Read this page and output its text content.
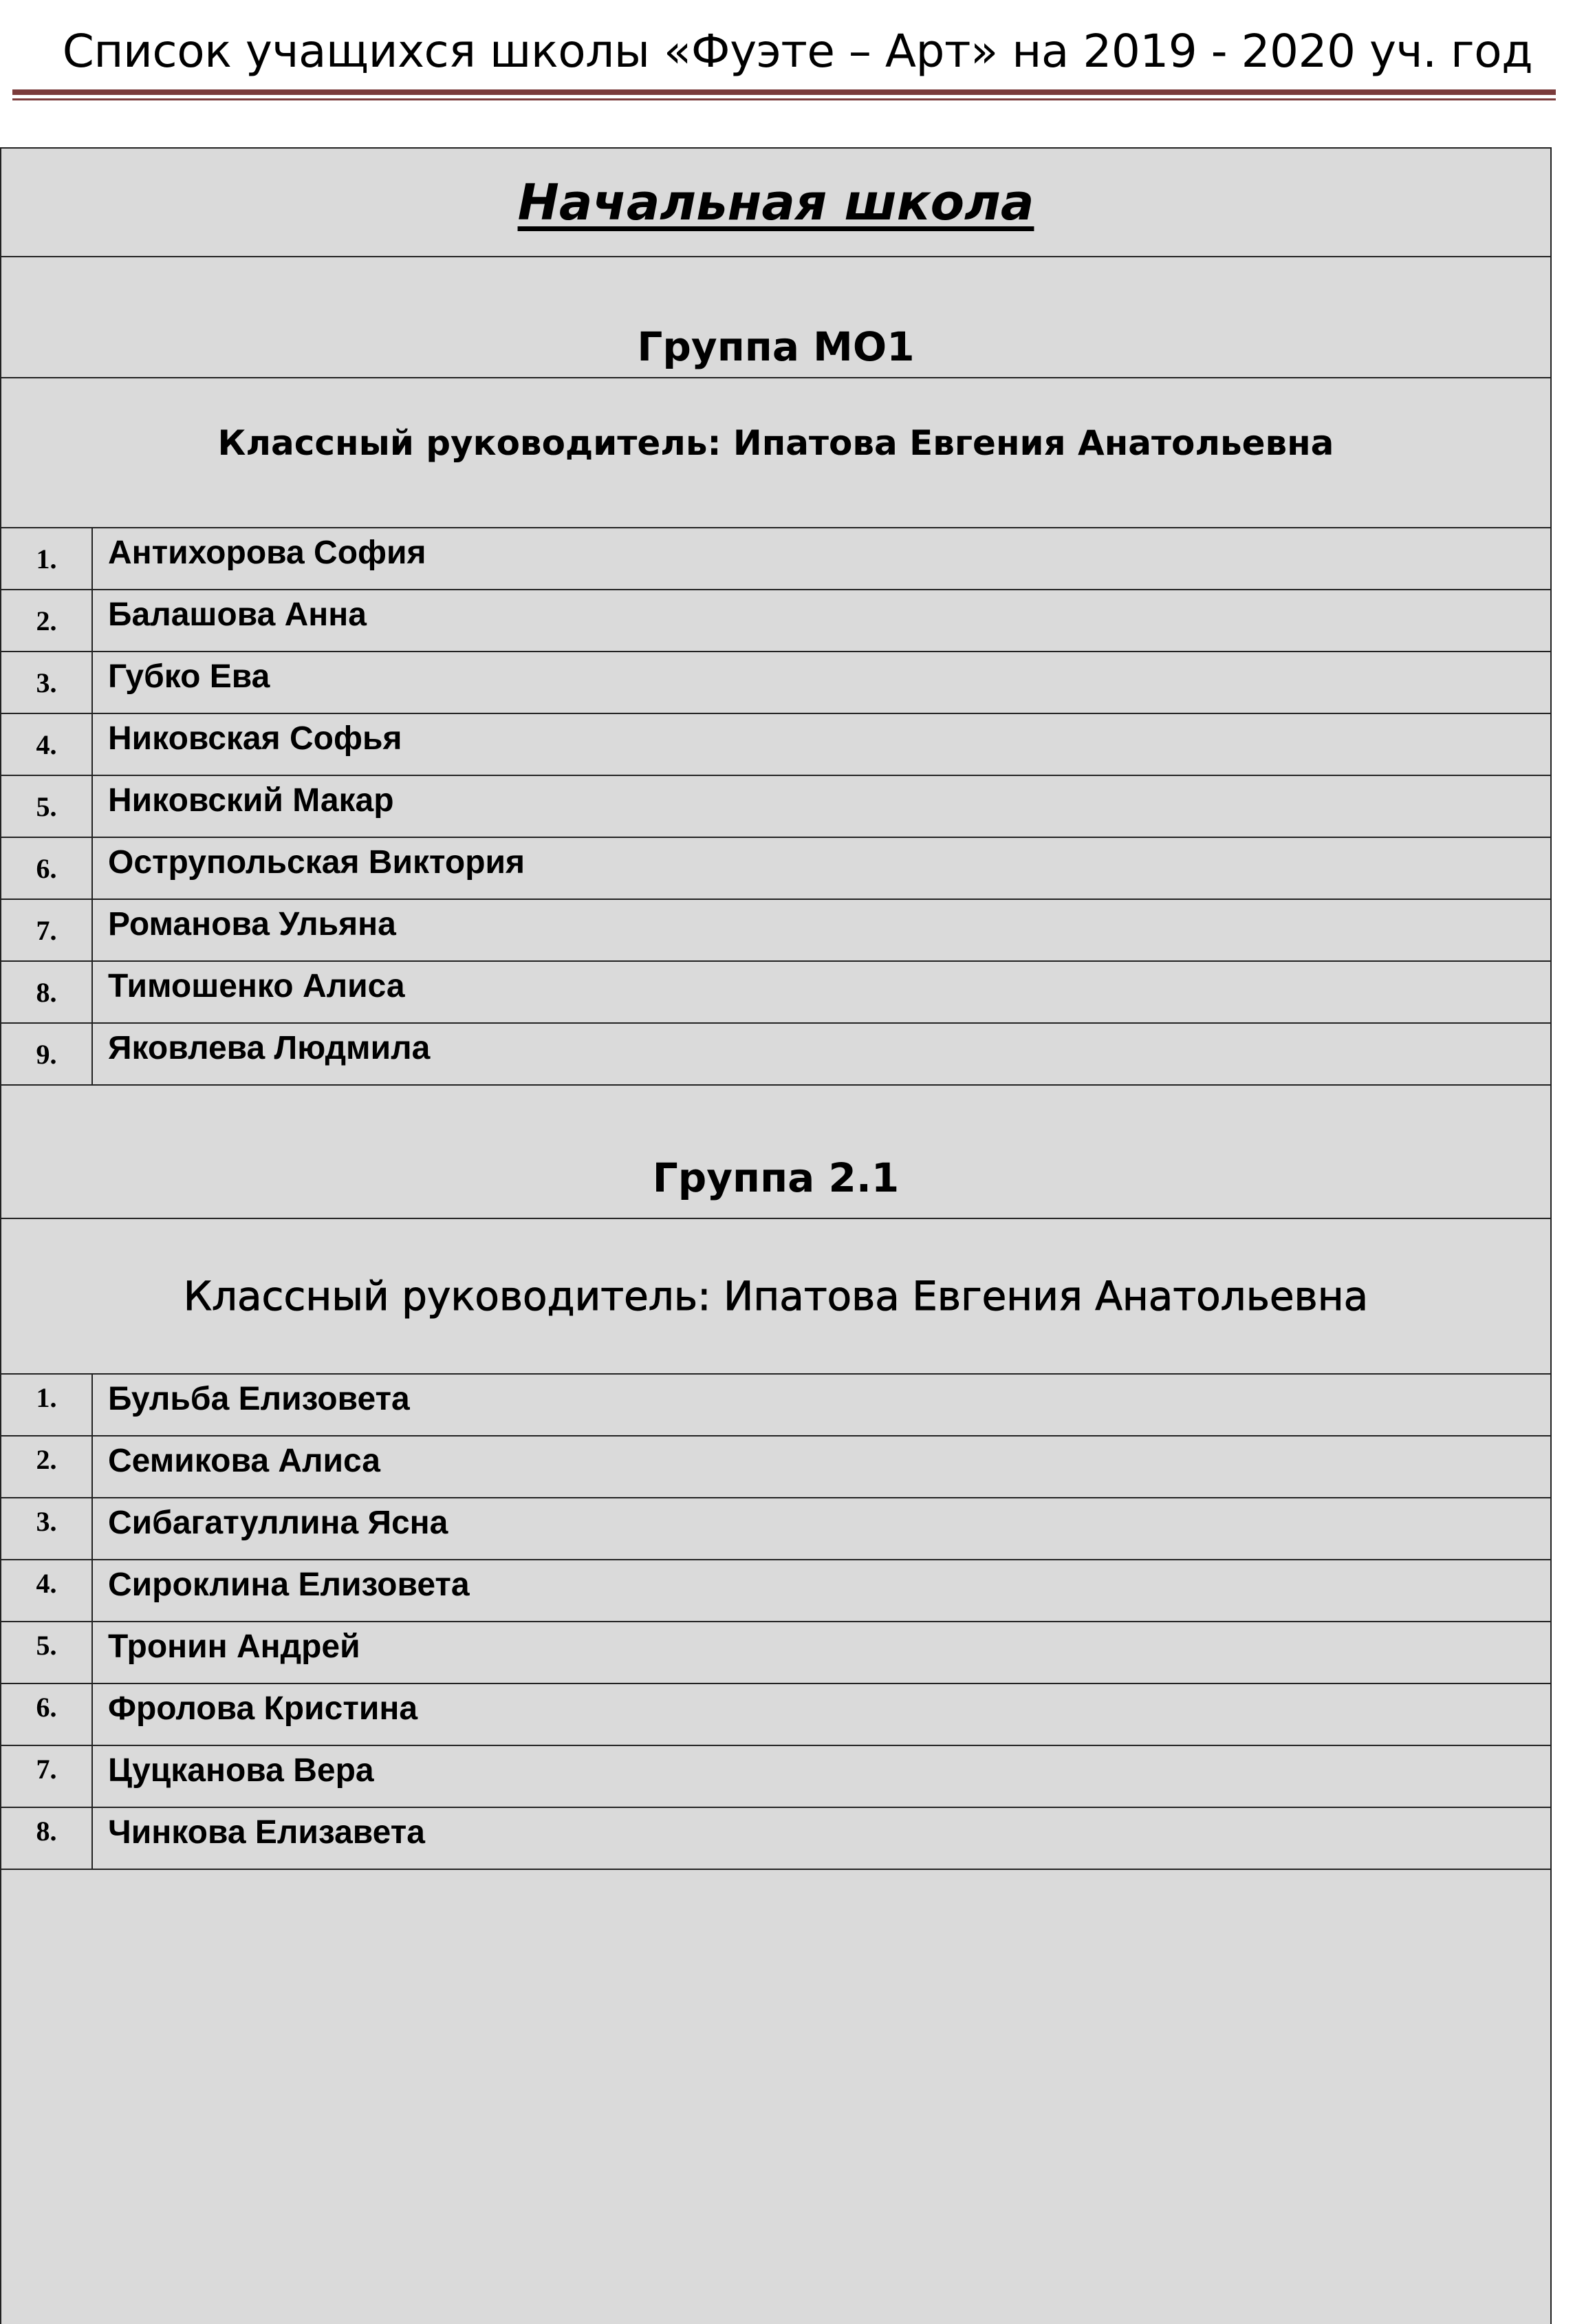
Список учащихся школы «Фуэте – Арт» на 2019 - 2020 уч. год
Начальная школа
Группа МО1
Классный руководитель: Ипатова Евгения Анатольевна
1.	Антихорова София
2.	Балашова Анна
3.	Губко Ева
4.	Никовская Софья
5.	Никовский Макар
6.	Острупольская Виктория
7.	Романова Ульяна
8.	Тимошенко Алиса
9.	Яковлева Людмила
Группа 2.1
Классный руководитель: Ипатова Евгения Анатольевна
1.	Бульба Елизовета
2.	Семикова Алиса
3.	Сибагатуллина Ясна
4.	Сироклина Елизовета
5.	Тронин Андрей
6.	Фролова Кристина
7.	Цуцканова Вера
8.	Чинкова Елизавета
